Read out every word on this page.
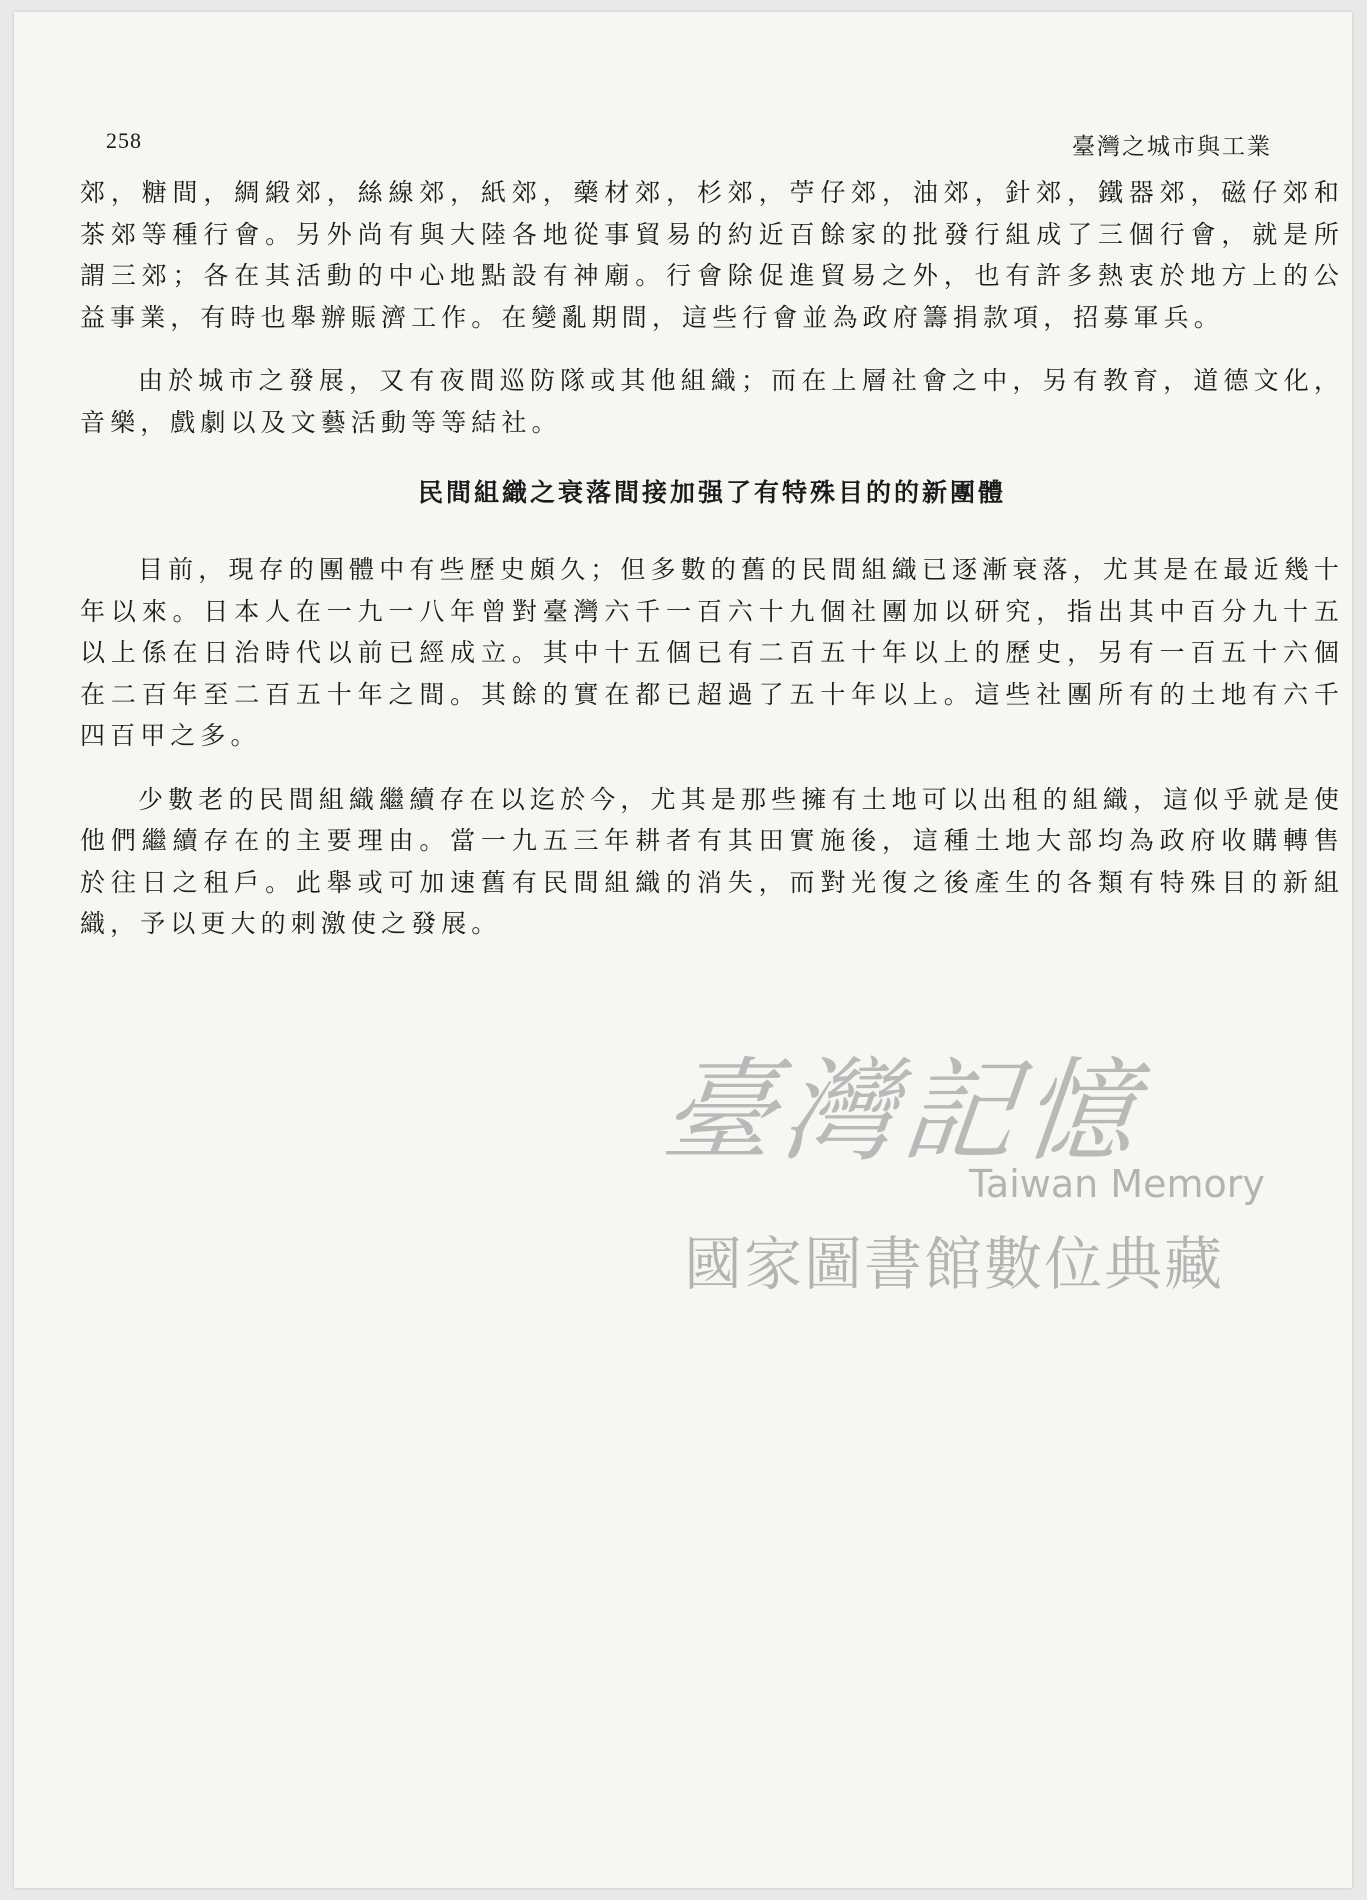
258	臺灣之城市與工業

郊，糖間，綢緞郊，絲線郊，紙郊，藥材郊，杉郊，苧仔郊，油郊，針郊，鐵器郊，磁仔郊和茶郊等種行會。另外尚有與大陸各地從事貿易的約近百餘家的批發行組成了三個行會，就是所謂三郊；各在其活動的中心地點設有神廟。行會除促進貿易之外，也有許多熱衷於地方上的公益事業，有時也舉辦賑濟工作。在變亂期間，這些行會並為政府籌捐款項，招募軍兵。

由於城市之發展，又有夜間巡防隊或其他組織；而在上層社會之中，另有教育，道德文化，音樂，戲劇以及文藝活動等等結社。

民間組織之衰落間接加强了有特殊目的的新團體

目前，現存的團體中有些歷史頗久；但多數的舊的民間組織已逐漸衰落，尤其是在最近幾十年以來。日本人在一九一八年曾對臺灣六千一百六十九個社團加以研究，指出其中百分九十五以上係在日治時代以前已經成立。其中十五個已有二百五十年以上的歷史，另有一百五十六個在二百年至二百五十年之間。其餘的實在都已超過了五十年以上。這些社團所有的土地有六千四百甲之多。

少數老的民間組織繼續存在以迄於今，尤其是那些擁有土地可以出租的組織，這似乎就是使他們繼續存在的主要理由。當一九五三年耕者有其田實施後，這種土地大部均為政府收購轉售於往日之租戶。此舉或可加速舊有民間組織的消失，而對光復之後產生的各類有特殊目的新組織，予以更大的刺激使之發展。

臺灣記憶
Taiwan Memory
國家圖書館數位典藏
